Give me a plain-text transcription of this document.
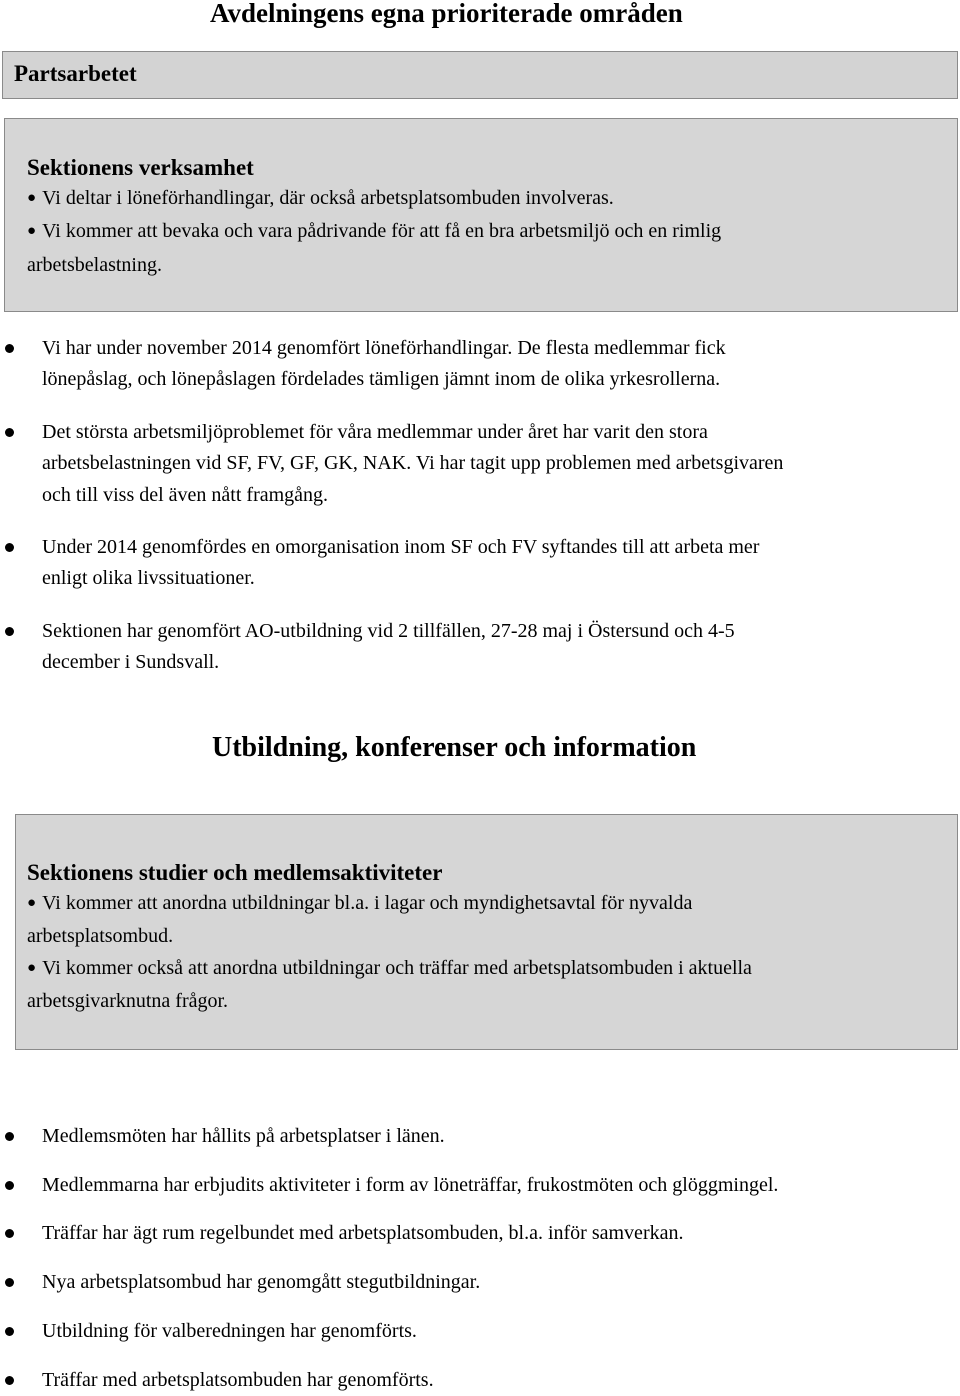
Avdelningens egna prioriterade områden
Partsarbetet
Sektionens verksamhet
● Vi deltar i löneförhandlingar, där också arbetsplatsombuden involveras.
● Vi kommer att bevaka och vara pådrivande för att få en bra arbetsmiljö och en rimlig
arbetsbelastning.
Vi har under november 2014 genomfört löneförhandlingar. De flesta medlemmar fick
lönepåslag, och lönepåslagen fördelades tämligen jämnt inom de olika yrkesrollerna.
Det största arbetsmiljöproblemet för våra medlemmar under året har varit den stora
arbetsbelastningen vid SF, FV, GF, GK, NAK. Vi har tagit upp problemen med arbetsgivaren
och till viss del även nått framgång.
Under 2014 genomfördes en omorganisation inom SF och FV syftandes till att arbeta mer
enligt olika livssituationer.
Sektionen har genomfört AO-utbildning vid 2 tillfällen, 27-28 maj i Östersund och 4-5
december i Sundsvall.
Utbildning, konferenser och information
Sektionens studier och medlemsaktiviteter
● Vi kommer att anordna utbildningar bl.a. i lagar och myndighetsavtal för nyvalda
arbetsplatsombud.
● Vi kommer också att anordna utbildningar och träffar med arbetsplatsombuden i aktuella
arbetsgivarknutna frågor.
Medlemsmöten har hållits på arbetsplatser i länen.
Medlemmarna har erbjudits aktiviteter i form av löneträffar, frukostmöten och glöggmingel.
Träffar har ägt rum regelbundet med arbetsplatsombuden, bl.a. inför samverkan.
Nya arbetsplatsombud har genomgått stegutbildningar.
Utbildning för valberedningen har genomförts.
Träffar med arbetsplatsombuden har genomförts.
